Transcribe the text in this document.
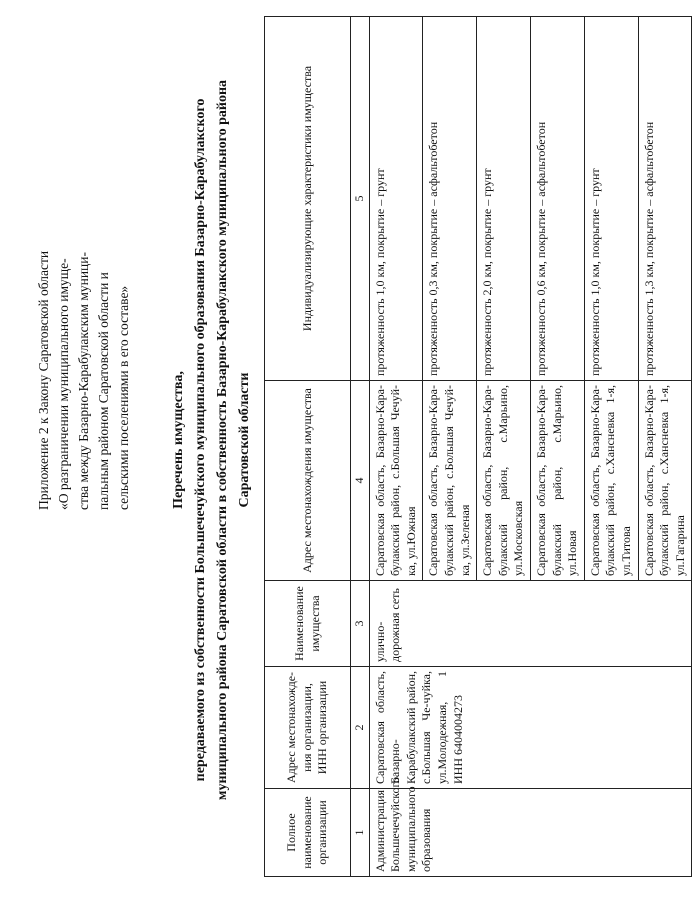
Приложение 2 к Закону Саратовской области «О разграничении муниципального имуще- ства между Базарно-Карабулакским муници- пальным районом Саратовской области и сельскими поселениями в его составе»	Перечень имущества, передаваемого из собственности Большечечуйского муниципального образования Базарно-Карабулакского муниципального района Саратовской области в собственность Базарно-Карабулакского муниципального района Саратовской области
Полное наименование организации	Адрес местонахожде-ния организации, ИНН организации	Наименование имущества	Адрес местонахождения имущества	Индивидуализирующие характеристики имущества
1	2	3	4	5
Администрация Большечечуйского муниципального образования	Саратовская область, Базарно-Карабулакский район, с.Большая Че-чуйка, ул.Молодежная, 1 ИНН 6404004273	улично-дорожная сеть	Саратовская область, Базарно-Кара-булакский район, с.Большая Чечуй-ка, ул.Южная	протяженность 1,0 км, покрытие – грунт
			Саратовская область, Базарно-Кара-булакский район, с.Большая Чечуй-ка, ул.Зеленая	протяженность 0,3 км, покрытие – асфальтобетон
			Саратовская область, Базарно-Кара-булакский район, с.Марьино, ул.Московская	протяженность 2,0 км, покрытие – грунт
			Саратовская область, Базарно-Кара-булакский район, с.Марьино, ул.Новая	протяженность 0,6 км, покрытие – асфальтобетон
			Саратовская область, Базарно-Кара-булакский район, с.Хансневка 1-я, ул.Титова	протяженность 1,0 км, покрытие – грунт
			Саратовская область, Базарно-Кара-булакский район, с.Хансневка 1-я, ул.Гагарина	протяженность 1,3 км, покрытие – асфальтобетон
